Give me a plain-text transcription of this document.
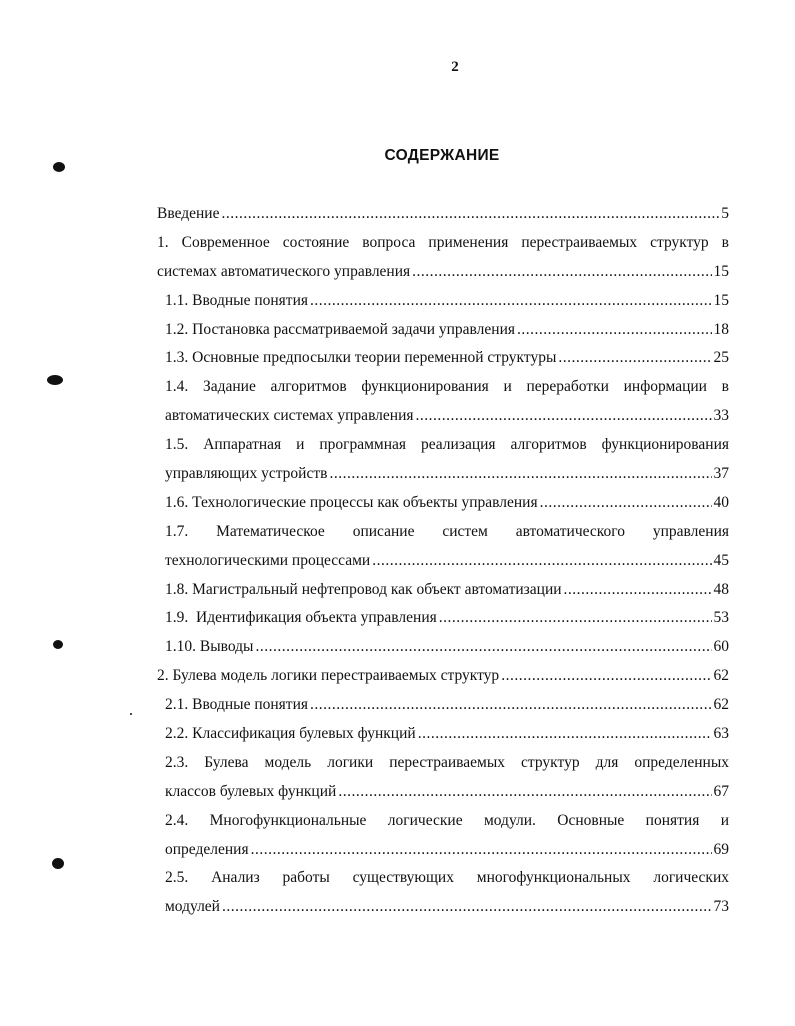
2
СОДЕРЖАНИЕ
Введение .....	5
1. Современное состояние вопроса применения перестраиваемых структур в
системах автоматического управления .....	15
1.1. Вводные понятия .....	15
1.2. Постановка рассматриваемой задачи управления .....	18
1.3. Основные предпосылки теории переменной структуры .....	25
1.4. Задание алгоритмов функционирования и переработки информации в
автоматических системах управления .....	33
1.5. Аппаратная и программная реализация алгоритмов функционирования
управляющих устройств .....	37
1.6. Технологические процессы как объекты управления .....	40
1.7. Математическое описание систем автоматического управления
технологическими процессами .....	45
1.8. Магистральный нефтепровод как объект автоматизации .....	48
1.9.  Идентификация объекта управления .....	53
1.10. Выводы .....	60
2. Булева модель логики перестраиваемых структур .....	62
2.1. Вводные понятия .....	62
2.2. Классификация булевых функций .....	63
2.3. Булева модель логики перестраиваемых структур для определенных
классов булевых функций .....	67
2.4. Многофункциональные логические модули. Основные понятия и
определения .....	69
2.5. Анализ работы существующих многофункциональных логических
модулей .....	73
